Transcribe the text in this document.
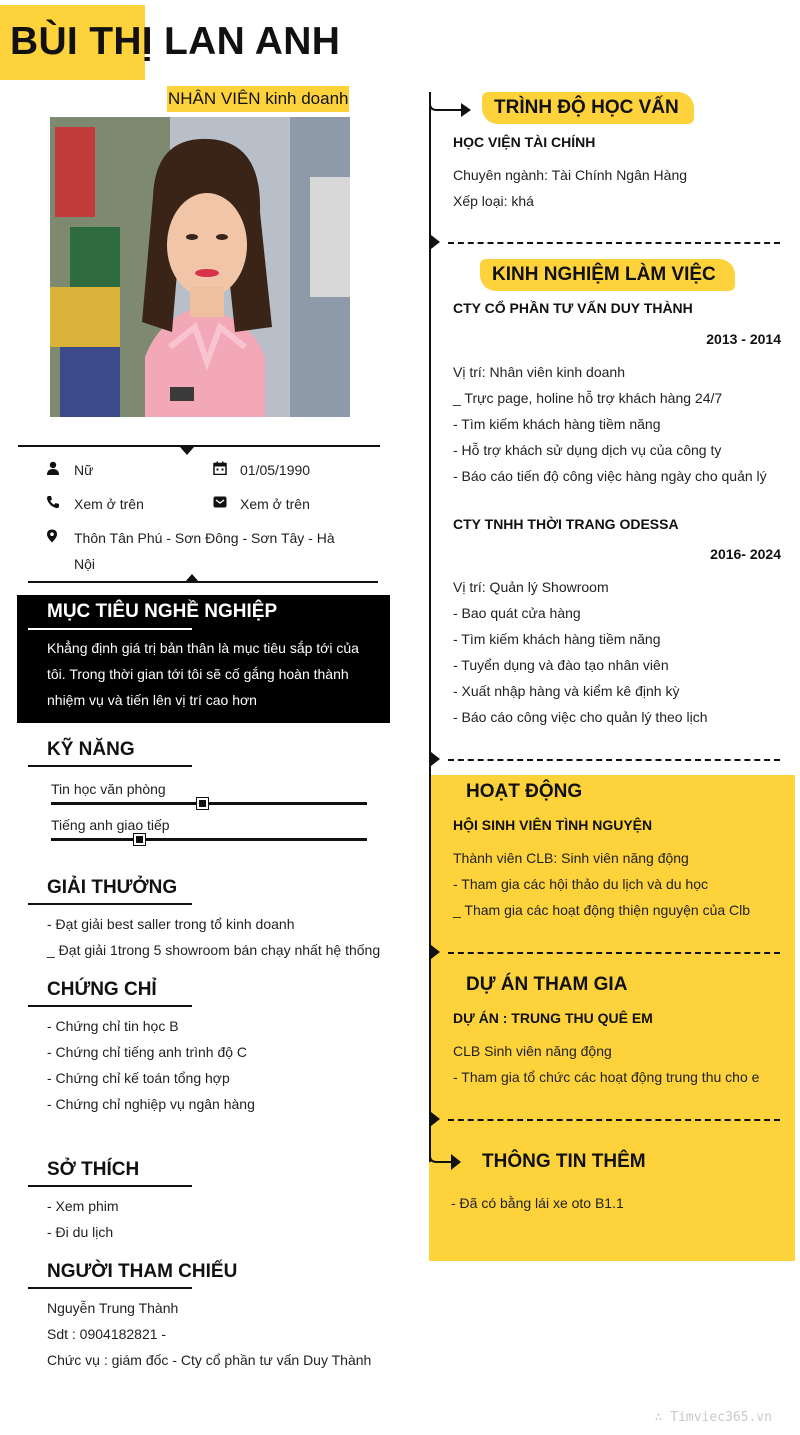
BÙI THỊ LAN ANH
NHÂN VIÊN kinh doanh
Nữ	01/05/1990
Xem ở trên	Xem ở trên
Thôn Tân Phú - Sơn Đông - Sơn Tây - Hà Nội
MỤC TIÊU NGHỀ NGHIỆP
Khẳng định giá trị bản thân là mục tiêu sắp tới của tôi. Trong thời gian tới tôi sẽ cố gắng hoàn thành nhiệm vụ và tiến lên vị trí cao hơn
KỸ NĂNG
Tin học văn phòng
Tiếng anh giao tiếp
GIẢI THƯỞNG
- Đạt giải best saller trong tổ kinh doanh
_ Đạt giải 1trong 5 showroom bán chạy nhất hệ thống
CHỨNG CHỈ
- Chứng chỉ tin học B
- Chứng chỉ tiếng anh trình độ C
- Chứng chỉ kế toán tổng hợp
- Chứng chỉ nghiệp vụ ngân hàng
SỞ THÍCH
- Xem phim
- Đi du lịch
NGƯỜI THAM CHIẾU
Nguyễn Trung Thành
Sdt : 0904182821 -
Chức vụ : giám đốc - Cty cổ phần tư vấn Duy Thành
TRÌNH ĐỘ HỌC VẤN
HỌC VIỆN TÀI CHÍNH
Chuyên ngành: Tài Chính Ngân Hàng
Xếp loại: khá
KINH NGHIỆM LÀM VIỆC
CTY CỔ PHẦN TƯ VẤN DUY THÀNH
2013 - 2014
Vị trí: Nhân viên kinh doanh
_ Trực page, holine hỗ trợ khách hàng 24/7
- Tìm kiếm khách hàng tiềm năng
- Hỗ trợ khách sử dụng dịch vụ của công ty
- Báo cáo tiến độ công việc hàng ngày cho quản lý
CTY TNHH THỜI TRANG ODESSA
2016- 2024
Vị trí: Quản lý Showroom
- Bao quát cửa hàng
- Tìm kiếm khách hàng tiềm năng
- Tuyển dụng và đào tạo nhân viên
- Xuất nhập hàng và kiểm kê định kỳ
- Báo cáo công việc cho quản lý theo lịch
HOẠT ĐỘNG
HỘI SINH VIÊN TÌNH NGUYỆN
Thành viên CLB: Sinh viên năng động
- Tham gia các hội thảo du lịch và du học
_ Tham gia các hoạt động thiện nguyện của Clb
DỰ ÁN THAM GIA
DỰ ÁN : TRUNG THU QUÊ EM
CLB Sinh viên năng động
- Tham gia tổ chức các hoạt động trung thu cho e
THÔNG TIN THÊM
- Đã có bằng lái xe oto B1.1
∴ Timviec365.vn
